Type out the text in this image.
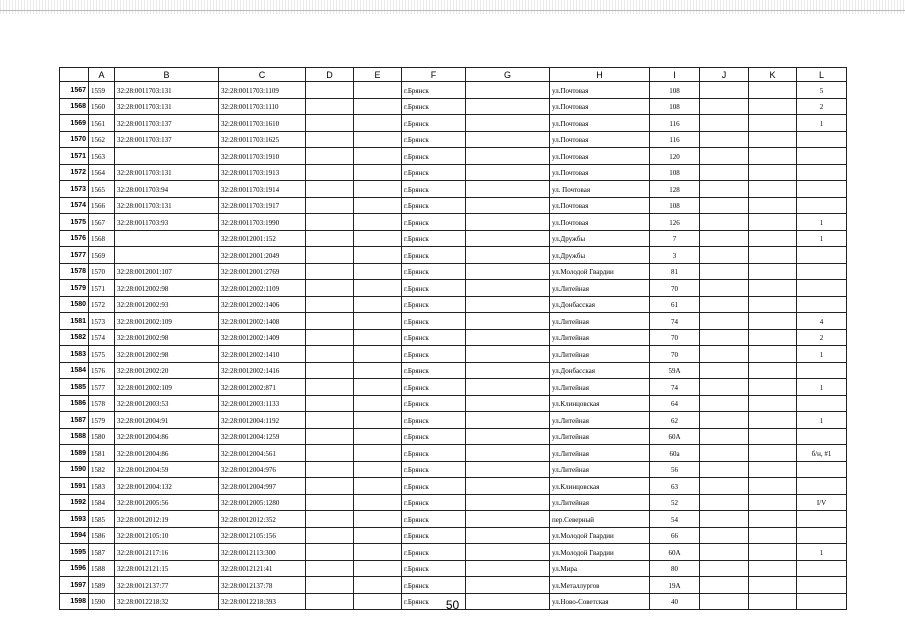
	A	B	C	D	E	F	G	H	I	J	K	L
1567	1559	32:28:0011703:131	32:28:0011703:1109			г.Брянск		ул.Почтовая	108			5
1568	1560	32:28:0011703:131	32:28:0011703:1110			г.Брянск		ул.Почтовая	108			2
1569	1561	32:28:0011703:137	32:28:0011703:1610			г.Брянск		ул.Почтовая	116			1
1570	1562	32:28:0011703:137	32:28:0011703:1625			г.Брянск		ул.Почтовая	116			
1571	1563		32:28:0011703:1910			г.Брянск		ул.Почтовая	120			
1572	1564	32:28:0011703:131	32:28:0011703:1913			г.Брянск		ул.Почтовая	108			
1573	1565	32:28:0011703:94	32:28:0011703:1914			г.Брянск		ул. Почтовая	128			
1574	1566	32:28:0011703:131	32:28:0011703:1917			г.Брянск		ул.Почтовая	108			
1575	1567	32:28:0011703:93	32:28:0011703:1990			г.Брянск		ул.Почтовая	126			1
1576	1568		32:28:0012001:152			г.Брянск		ул.Дружбы	7			1
1577	1569		32:28:0012001:2049			г.Брянск		ул.Дружбы	3			
1578	1570	32:28:0012001:107	32:28:0012001:2769			г.Брянск		ул.Молодой Гвардии	81			
1579	1571	32:28:0012002:98	32:28:0012002:1109			г.Брянск		ул.Литейная	70			
1580	1572	32:28:0012002:93	32:28:0012002:1406			г.Брянск		ул.Донбасская	61			
1581	1573	32:28:0012002:109	32:28:0012002:1408			г.Брянск		ул.Литейная	74			4
1582	1574	32:28:0012002:98	32:28:0012002:1409			г.Брянск		ул.Литейная	70			2
1583	1575	32:28:0012002:98	32:28:0012002:1410			г.Брянск		ул.Литейная	70			1
1584	1576	32:28:0012002:20	32:28:0012002:1416			г.Брянск		ул.Донбасская	59А			
1585	1577	32:28:0012002:109	32:28:0012002:871			г.Брянск		ул.Литейная	74			1
1586	1578	32:28:0012003:53	32:28:0012003:1133			г.Брянск		ул.Клинцовская	64			
1587	1579	32:28:0012004:91	32:28:0012004:1192			г.Брянск		ул.Литейная	62			1
1588	1580	32:28:0012004:86	32:28:0012004:1259			г.Брянск		ул.Литейная	60А			
1589	1581	32:28:0012004:86	32:28:0012004:561			г.Брянск		ул.Литейная	60а			б/н, #1
1590	1582	32:28:0012004:59	32:28:0012004:976			г.Брянск		ул.Литейная	56			
1591	1583	32:28:0012004:132	32:28:0012004:997			г.Брянск		ул.Клинцовская	63			
1592	1584	32:28:0012005:56	32:28:0012005:1280			г.Брянск		ул.Литейная	52			I/V
1593	1585	32:28:0012012:19	32:28:0012012:352			г.Брянск		пер.Северный	54			
1594	1586	32:28:0012105:10	32:28:0012105:156			г.Брянск		ул.Молодой Гвардии	66			
1595	1587	32:28:0012117:16	32:28:0012113:300			г.Брянск		ул.Молодой Гвардии	60А			1
1596	1588	32:28:0012121:15	32:28:0012121:41			г.Брянск		ул.Мира	80			
1597	1589	32:28:0012137:77	32:28:0012137:78			г.Брянск		ул.Металлургов	19А			
1598	1590	32:28:0012218:32	32:28:0012218:393			г.Брянск		ул.Ново-Советская	40			
50
